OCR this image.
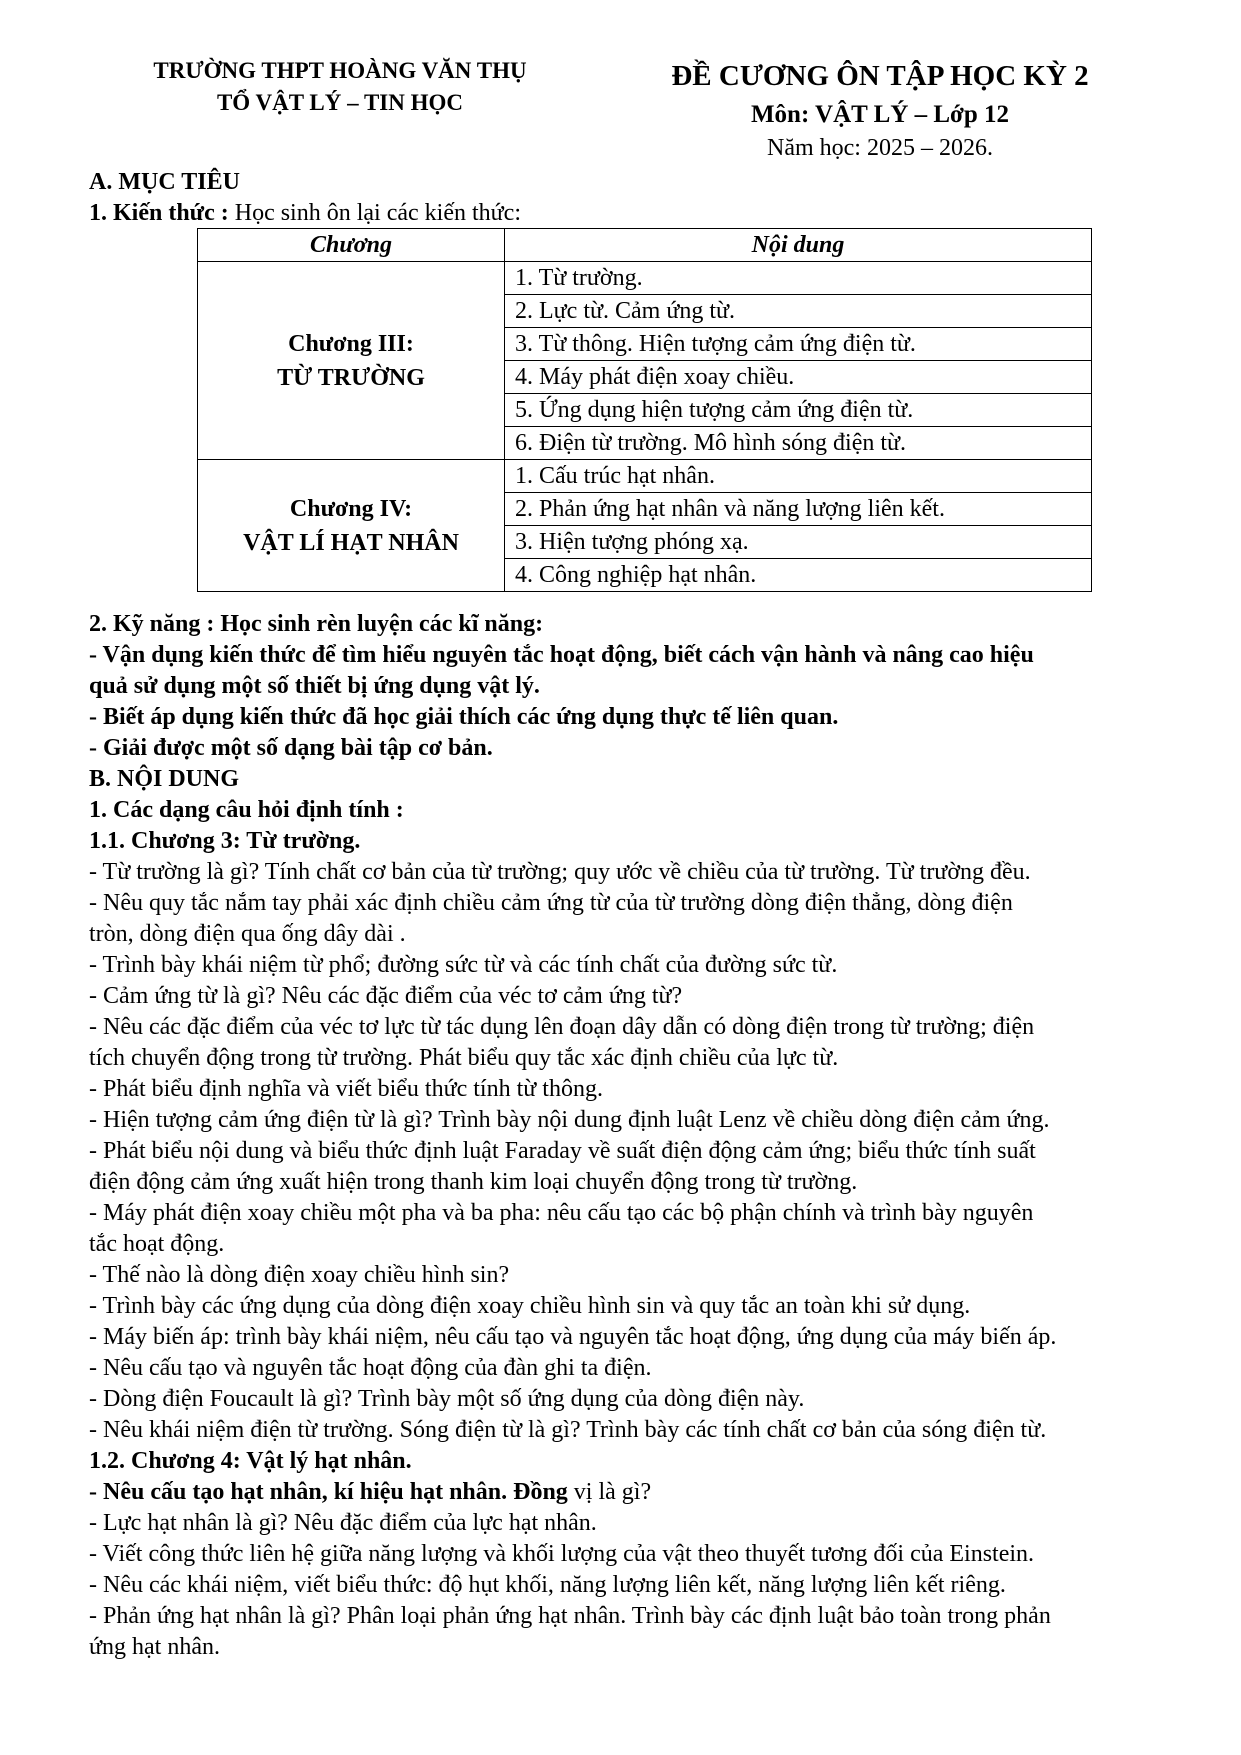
TRƯỜNG THPT HOÀNG VĂN THỤ
TỔ VẬT LÝ – TIN HỌC
ĐỀ CƯƠNG ÔN TẬP HỌC KỲ 2
Môn: VẬT LÝ – Lớp 12
Năm học: 2025 – 2026.
A. MỤC TIÊU
1. Kiến thức : Học sinh ôn lại các kiến thức:
Chương	Nội dung

Chương III:
TỪ TRƯỜNG	1. Từ trường.
	2. Lực từ. Cảm ứng từ.
	3. Từ thông. Hiện tượng cảm ứng điện từ.
	4. Máy phát điện xoay chiều.
	5. Ứng dụng hiện tượng cảm ứng điện từ.
	6. Điện từ trường. Mô hình sóng điện từ.

Chương IV:
VẬT LÍ HẠT NHÂN	1. Cấu trúc hạt nhân.
	2. Phản ứng hạt nhân và năng lượng liên kết.
	3. Hiện tượng phóng xạ.
	4. Công nghiệp hạt nhân.
2. Kỹ năng : Học sinh rèn luyện các kĩ năng:
- Vận dụng kiến thức để tìm hiểu nguyên tắc hoạt động, biết cách vận hành và nâng cao hiệu
quả sử dụng một số thiết bị ứng dụng vật lý.
- Biết áp dụng kiến thức đã học giải thích các ứng dụng thực tế liên quan.
- Giải được một số dạng bài tập cơ bản.
B. NỘI DUNG
1. Các dạng câu hỏi định tính :
1.1. Chương 3: Từ trường.
- Từ trường là gì? Tính chất cơ bản của từ trường; quy ước về chiều của từ trường. Từ trường đều.
- Nêu quy tắc nắm tay phải xác định chiều cảm ứng từ của từ trường dòng điện thẳng, dòng điện
tròn, dòng điện qua ống dây dài .
- Trình bày khái niệm từ phổ; đường sức từ và các tính chất của đường sức từ.
- Cảm ứng từ là gì? Nêu các đặc điểm của véc tơ cảm ứng từ?
- Nêu các đặc điểm của véc tơ lực từ tác dụng lên đoạn dây dẫn có dòng điện trong từ trường; điện
tích chuyển động trong từ trường. Phát biểu quy tắc xác định chiều của lực từ.
- Phát biểu định nghĩa và viết biểu thức tính từ thông.
- Hiện tượng cảm ứng điện từ là gì? Trình bày nội dung định luật Lenz về chiều dòng điện cảm ứng.
- Phát biểu nội dung và biểu thức định luật Faraday về suất điện động cảm ứng; biểu thức tính suất
điện động cảm ứng xuất hiện trong thanh kim loại chuyển động trong từ trường.
- Máy phát điện xoay chiều một pha và ba pha: nêu cấu tạo các bộ phận chính và trình bày nguyên
tắc hoạt động.
- Thế nào là dòng điện xoay chiều hình sin?
- Trình bày các ứng dụng của dòng điện xoay chiều hình sin và quy tắc an toàn khi sử dụng.
- Máy biến áp: trình bày khái niệm, nêu cấu tạo và nguyên tắc hoạt động, ứng dụng của máy biến áp.
- Nêu cấu tạo và nguyên tắc hoạt động của đàn ghi ta điện.
- Dòng điện Foucault là gì? Trình bày một số ứng dụng của dòng điện này.
- Nêu khái niệm điện từ trường. Sóng điện từ là gì? Trình bày các tính chất cơ bản của sóng điện từ.
1.2. Chương 4: Vật lý hạt nhân.
- Nêu cấu tạo hạt nhân, kí hiệu hạt nhân. Đồng vị là gì?
- Lực hạt nhân là gì? Nêu đặc điểm của lực hạt nhân.
- Viết công thức liên hệ giữa năng lượng và khối lượng của vật theo thuyết tương đối của Einstein.
- Nêu các khái niệm, viết biểu thức: độ hụt khối, năng lượng liên kết, năng lượng liên kết riêng.
- Phản ứng hạt nhân là gì? Phân loại phản ứng hạt nhân. Trình bày các định luật bảo toàn trong phản
ứng hạt nhân.
